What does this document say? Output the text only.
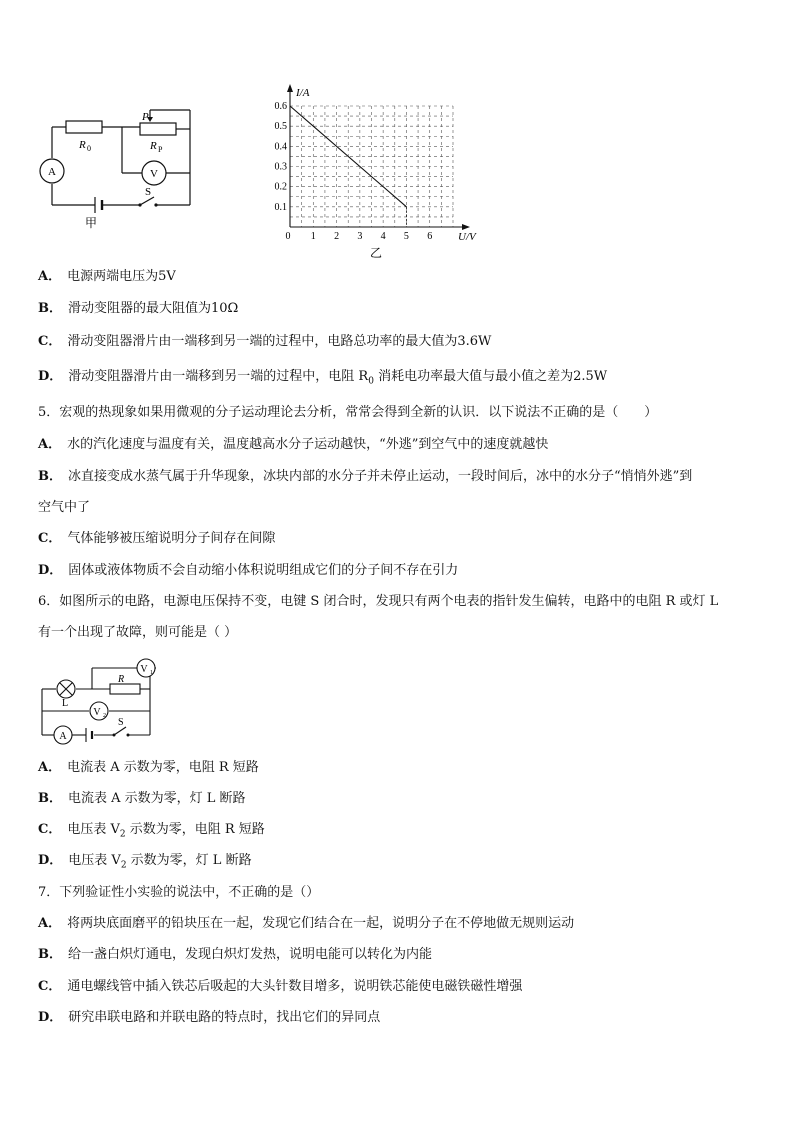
A	V
R 0
P
R P
S
甲
0 1 2 3 4 5 6
0.1
0.2
0.3
0.4
0.5
0.6
I/A
U/V
乙
A． 电源两端电压为5V
B． 滑动变阻器的最大阻值为10Ω
C． 滑动变阻器滑片由一端移到另一端的过程中，电路总功率的最大值为3.6W
D． 滑动变阻器滑片由一端移到另一端的过程中，电阻 $R_0$ 消耗电功率最大值与最小值之差为2.5W
5．宏观的热现象如果用微观的分子运动理论去分析，常常会得到全新的认识．以下说法不正确的是（　　）
A． 水的汽化速度与温度有关，温度越高水分子运动越快，“外逃”到空气中的速度就越快
B． 冰直接变成水蒸气属于升华现象，冰块内部的水分子并未停止运动，一段时间后，冰中的水分子“悄悄外逃”到
空气中了
C． 气体能够被压缩说明分子间存在间隙
D． 固体或液体物质不会自动缩小体积说明组成它们的分子间不存在引力
6．如图所示的电路，电源电压保持不变，电键 S 闭合时，发现只有两个电表的指针发生偏转，电路中的电阻 R 或灯 L
有一个出现了故障，则可能是（ ）
V 1
V 2
A
R
L
S
A． 电流表 A 示数为零，电阻 R 短路
B． 电流表 A 示数为零，灯 L 断路
C． 电压表 $V_2$ 示数为零，电阻 R 短路
D． 电压表 $V_2$ 示数为零，灯 L 断路
7．下列验证性小实验的说法中，不正确的是（）
A． 将两块底面磨平的铅块压在一起，发现它们结合在一起，说明分子在不停地做无规则运动
B． 给一盏白炽灯通电，发现白炽灯发热，说明电能可以转化为内能
C． 通电螺线管中插入铁芯后吸起的大头针数目增多，说明铁芯能使电磁铁磁性增强
D． 研究串联电路和并联电路的特点时，找出它们的异同点
